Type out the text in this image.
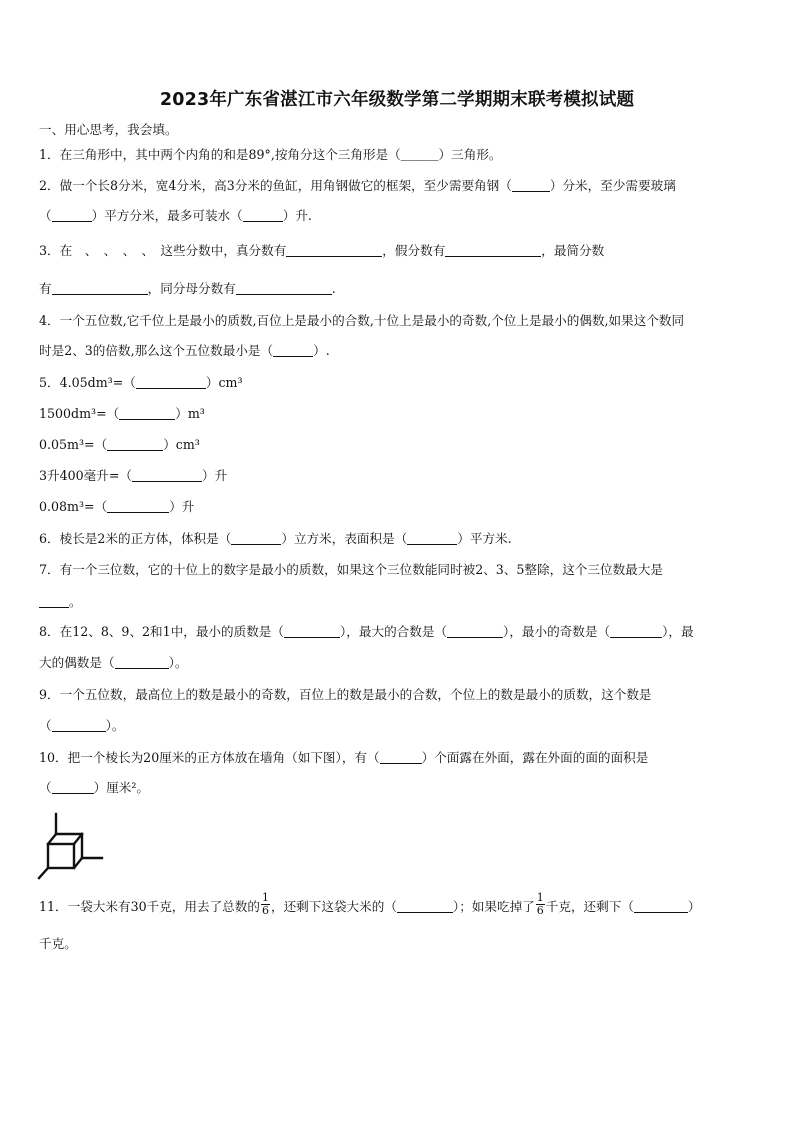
2023年广东省湛江市六年级数学第二学期期末联考模拟试题
一、用心思考，我会填。
1．在三角形中，其中两个内角的和是89°,按角分这个三角形是（＿＿＿）三角形。
2．做一个长8分米，宽4分米，高3分米的鱼缸，用角钢做它的框架，至少需要角钢（	）分米，至少需要玻璃
（	）平方分米，最多可装水（	）升.
3．在　、　、　、　、　这些分数中，真分数有	，假分数有	，最简分数
有	，同分母分数有	.
4．一个五位数,它千位上是最小的质数,百位上是最小的合数,十位上是最小的奇数,个位上是最小的偶数,如果这个数同
时是2、3的倍数,那么这个五位数最小是（	）.
5．4.05dm³=（	）cm³
1500dm³=（	）m³
0.05m³=（	）cm³
3升400毫升=（	）升
0.08m³=（	）升
6．棱长是2米的正方体，体积是（	）立方米，表面积是（	）平方米.
7．有一个三位数，它的十位上的数字是最小的质数，如果这个三位数能同时被2、3、5整除，这个三位数最大是
。
8．在12、8、9、2和1中，最小的质数是（	），最大的合数是（	），最小的奇数是（	），最
大的偶数是（	）。
9．一个五位数，最高位上的数是最小的奇数，百位上的数是最小的合数，个位上的数是最小的质数，这个数是
（	）。
10．把一个棱长为20厘米的正方体放在墙角（如下图），有（	）个面露在外面，露在外面的面的面积是
（	）厘米²。
11．一袋大米有30千克，用去了总数的 $\frac{1}{6}$ ，还剩下这袋大米的（	）；如果吃掉了 $\frac{1}{6}$ 千克，还剩下（	）
千克。
